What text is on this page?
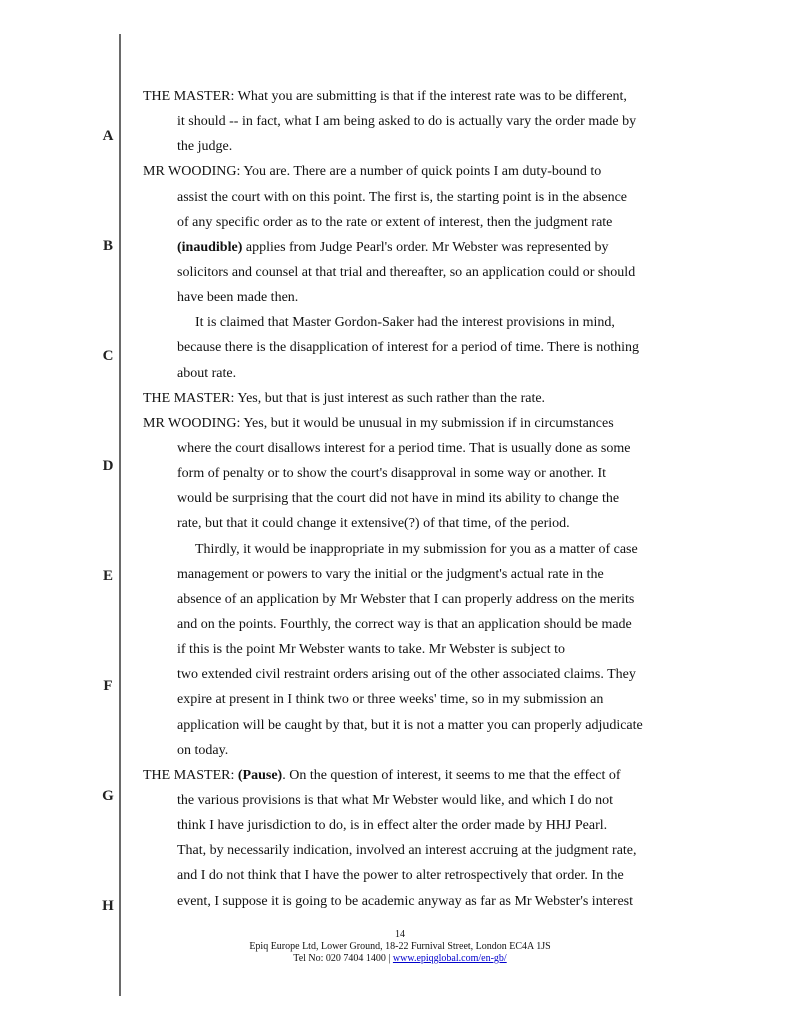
A
B
C
D
E
F
G
H
THE MASTER: What you are submitting is that if the interest rate was to be different,
it should -- in fact, what I am being asked to do is actually vary the order made by
the judge.
MR WOODING: You are. There are a number of quick points I am duty-bound to
assist the court with on this point. The first is, the starting point is in the absence
of any specific order as to the rate or extent of interest, then the judgment rate
(inaudible) applies from Judge Pearl's order. Mr Webster was represented by
solicitors and counsel at that trial and thereafter, so an application could or should
have been made then.
It is claimed that Master Gordon-Saker had the interest provisions in mind,
because there is the disapplication of interest for a period of time. There is nothing
about rate.
THE MASTER: Yes, but that is just interest as such rather than the rate.
MR WOODING: Yes, but it would be unusual in my submission if in circumstances
where the court disallows interest for a period time. That is usually done as some
form of penalty or to show the court's disapproval in some way or another. It
would be surprising that the court did not have in mind its ability to change the
rate, but that it could change it extensive(?) of that time, of the period.
Thirdly, it would be inappropriate in my submission for you as a matter of case
management or powers to vary the initial or the judgment's actual rate in the
absence of an application by Mr Webster that I can properly address on the merits
and on the points. Fourthly, the correct way is that an application should be made
if this is the point Mr Webster wants to take. Mr Webster is subject to
two extended civil restraint orders arising out of the other associated claims. They
expire at present in I think two or three weeks' time, so in my submission an
application will be caught by that, but it is not a matter you can properly adjudicate
on today.
THE MASTER: (Pause). On the question of interest, it seems to me that the effect of
the various provisions is that what Mr Webster would like, and which I do not
think I have jurisdiction to do, is in effect alter the order made by HHJ Pearl.
That, by necessarily indication, involved an interest accruing at the judgment rate,
and I do not think that I have the power to alter retrospectively that order. In the
event, I suppose it is going to be academic anyway as far as Mr Webster's interest
14
Epiq Europe Ltd, Lower Ground, 18-22 Furnival Street, London EC4A 1JS
Tel No: 020 7404 1400 | www.epiqglobal.com/en-gb/
